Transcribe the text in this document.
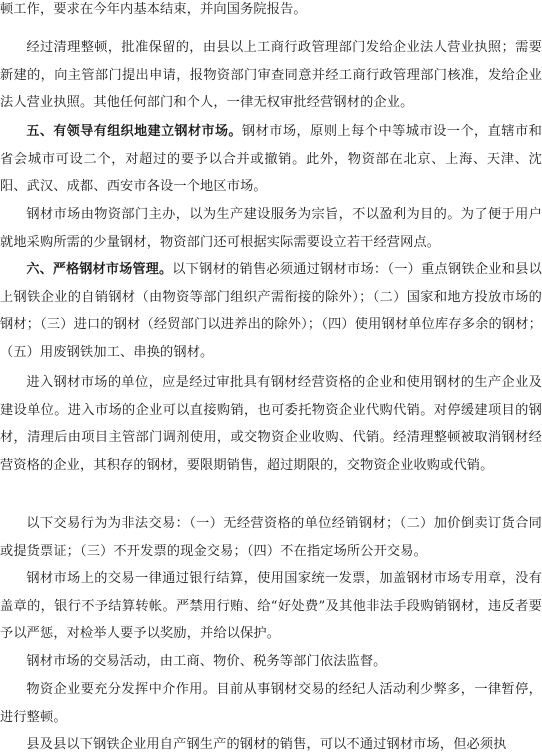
顿工作，要求在今年内基本结束，并向国务院报告。

经过清理整顿，批准保留的，由县以上工商行政管理部门发给企业法人营业执照；需要新建的，向主管部门提出申请，报物资部门审查同意并经工商行政管理部门核准，发给企业法人营业执照。其他任何部门和个人，一律无权审批经营钢材的企业。

五、有领导有组织地建立钢材市场。钢材市场，原则上每个中等城市设一个，直辖市和省会城市可设二个，对超过的要予以合并或撤销。此外，物资部在北京、上海、天津、沈阳、武汉、成都、西安市各设一个地区市场。

钢材市场由物资部门主办，以为生产建设服务为宗旨，不以盈利为目的。为了便于用户就地采购所需的少量钢材，物资部门还可根据实际需要设立若干经营网点。

六、严格钢材市场管理。以下钢材的销售必须通过钢材市场：（一）重点钢铁企业和县以上钢铁企业的自销钢材（由物资等部门组织产需衔接的除外）；（二）国家和地方投放市场的钢材；（三）进口的钢材（经贸部门以进养出的除外）；（四）使用钢材单位库存多余的钢材；（五）用废钢铁加工、串换的钢材。

进入钢材市场的单位，应是经过审批具有钢材经营资格的企业和使用钢材的生产企业及建设单位。进入市场的企业可以直接购销，也可委托物资企业代购代销。对停缓建项目的钢材，清理后由项目主管部门调剂使用，或交物资企业收购、代销。经清理整顿被取消钢材经营资格的企业，其积存的钢材，要限期销售，超过期限的，交物资企业收购或代销。

以下交易行为为非法交易：（一）无经营资格的单位经销钢材；（二）加价倒卖订货合同或提货票证；（三）不开发票的现金交易；（四）不在指定场所公开交易。

钢材市场上的交易一律通过银行结算，使用国家统一发票，加盖钢材市场专用章，没有盖章的，银行不予结算转帐。严禁用行贿、给“好处费”及其他非法手段购销钢材，违反者要予以严惩，对检举人要予以奖励，并给以保护。

钢材市场的交易活动，由工商、物价、税务等部门依法监督。

物资企业要充分发挥中介作用。目前从事钢材交易的经纪人活动利少弊多，一律暂停，进行整顿。

县及县以下钢铁企业用自产钢生产的钢材的销售，可以不通过钢材市场，但必须执
